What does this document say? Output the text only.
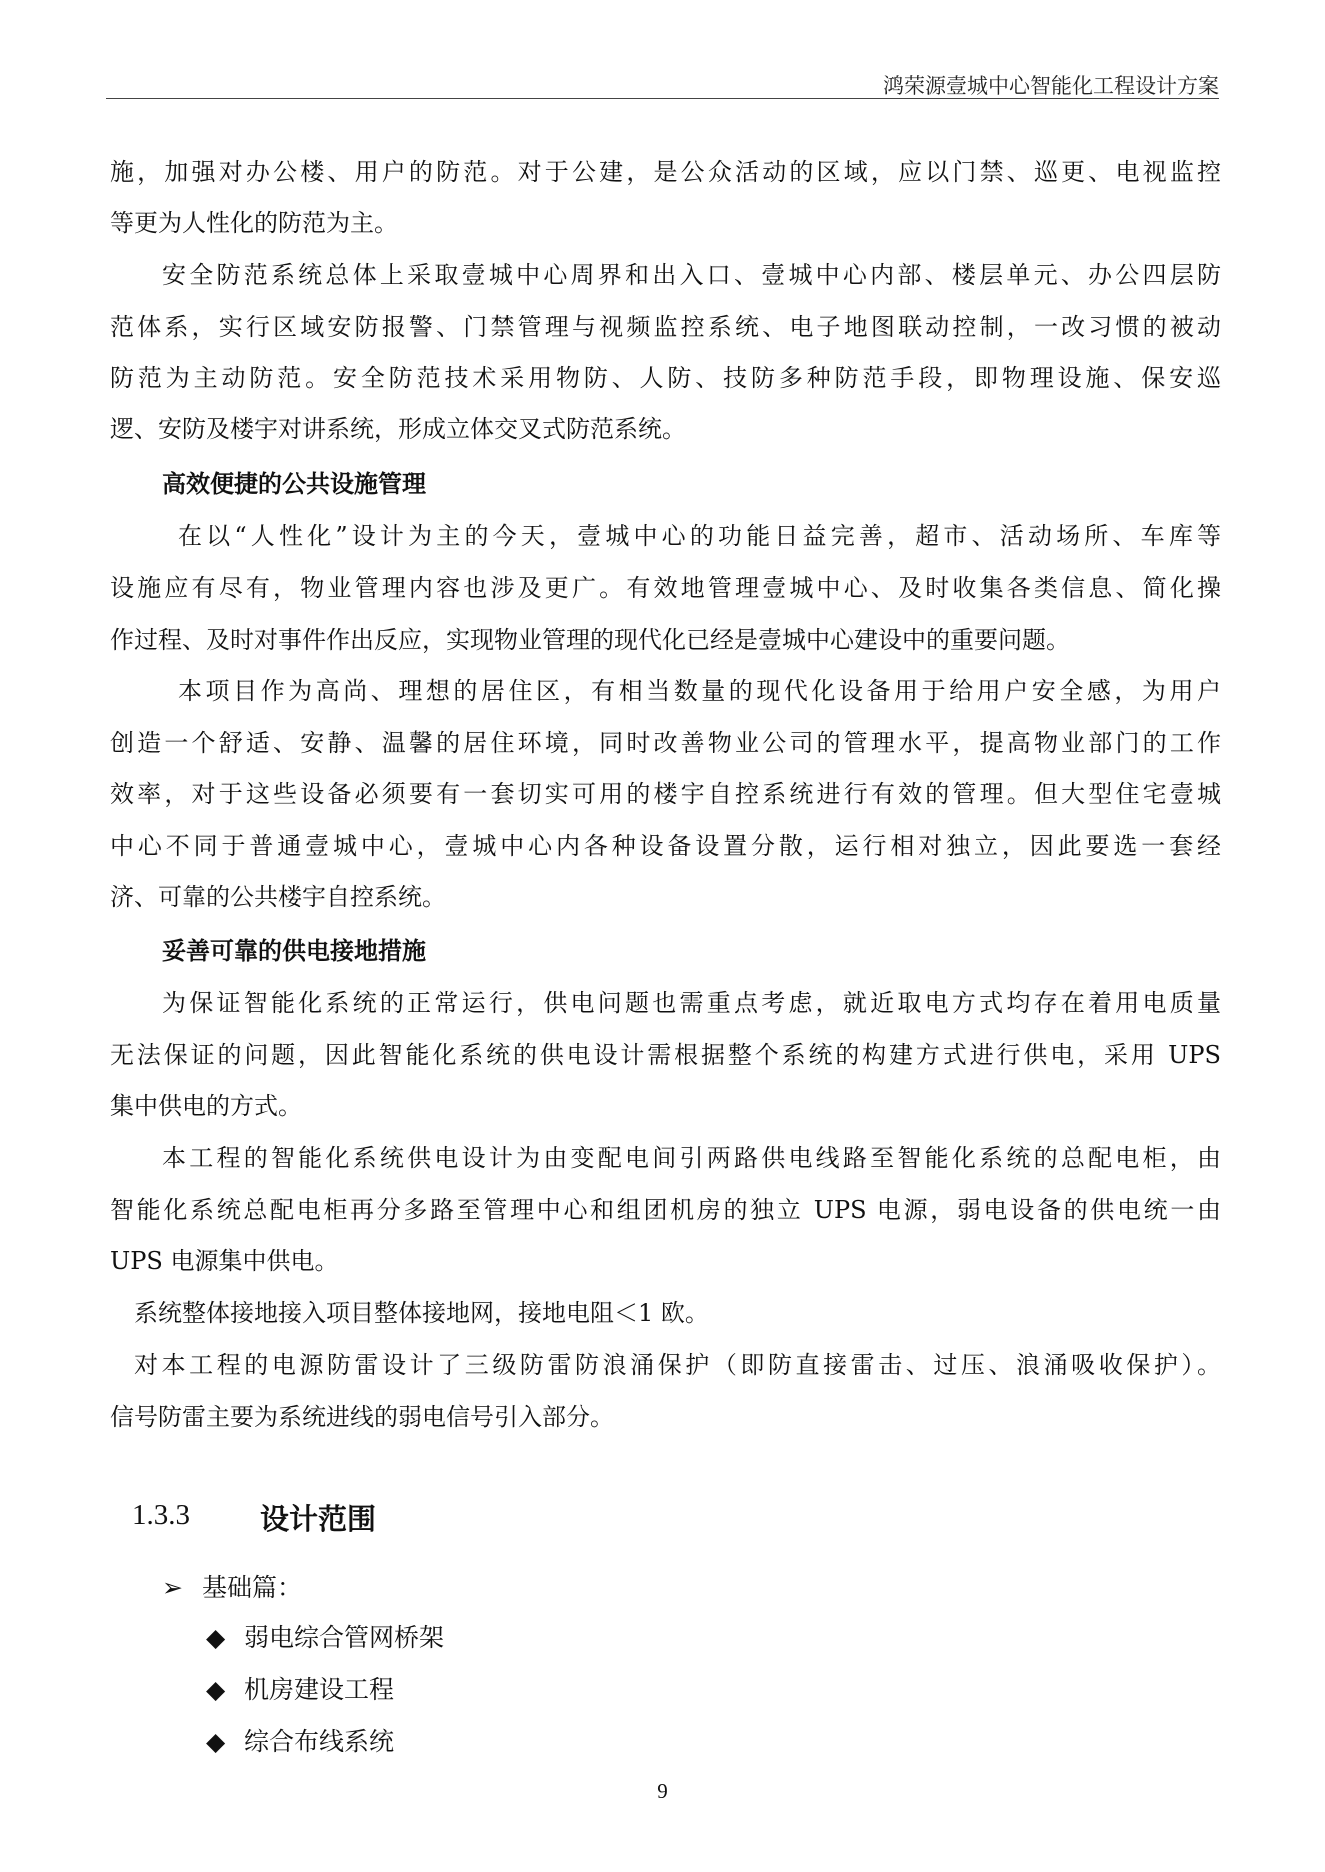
鸿荣源壹城中心智能化工程设计方案
施，加强对办公楼、用户的防范。对于公建，是公众活动的区域，应以门禁、巡更、电视监控
等更为人性化的防范为主。
安全防范系统总体上采取壹城中心周界和出入口、壹城中心内部、楼层单元、办公四层防
范体系，实行区域安防报警、门禁管理与视频监控系统、电子地图联动控制，一改习惯的被动
防范为主动防范。安全防范技术采用物防、人防、技防多种防范手段，即物理设施、保安巡
逻、安防及楼宇对讲系统，形成立体交叉式防范系统。
高效便捷的公共设施管理
在以“人性化”设计为主的今天，壹城中心的功能日益完善，超市、活动场所、车库等
设施应有尽有，物业管理内容也涉及更广。有效地管理壹城中心、及时收集各类信息、简化操
作过程、及时对事件作出反应，实现物业管理的现代化已经是壹城中心建设中的重要问题。
本项目作为高尚、理想的居住区，有相当数量的现代化设备用于给用户安全感，为用户
创造一个舒适、安静、温馨的居住环境，同时改善物业公司的管理水平，提高物业部门的工作
效率，对于这些设备必须要有一套切实可用的楼宇自控系统进行有效的管理。但大型住宅壹城
中心不同于普通壹城中心，壹城中心内各种设备设置分散，运行相对独立，因此要选一套经
济、可靠的公共楼宇自控系统。
妥善可靠的供电接地措施
为保证智能化系统的正常运行，供电问题也需重点考虑，就近取电方式均存在着用电质量
无法保证的问题，因此智能化系统的供电设计需根据整个系统的构建方式进行供电，采用 UPS
集中供电的方式。
本工程的智能化系统供电设计为由变配电间引两路供电线路至智能化系统的总配电柜，由
智能化系统总配电柜再分多路至管理中心和组团机房的独立 UPS 电源，弱电设备的供电统一由
UPS 电源集中供电。
系统整体接地接入项目整体接地网，接地电阻＜1 欧。
对本工程的电源防雷设计了三级防雷防浪涌保护（即防直接雷击、过压、浪涌吸收保护）。
信号防雷主要为系统进线的弱电信号引入部分。
1.3.3 设计范围
➢ 基础篇：
◆ 弱电综合管网桥架
◆ 机房建设工程
◆ 综合布线系统
9
